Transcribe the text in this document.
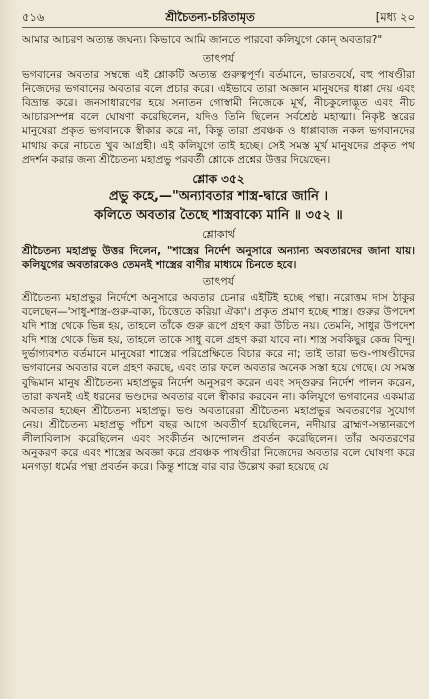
৫১৬	শ্রীচৈতন্য-চরিতামৃত	[মধ্য ২০

আমার আচরণ অত্যন্ত জঘন্য। কিভাবে আমি জানতে পারবো কলিযুগে কোন্ অবতার?"

তাৎপর্য

ভগবানের অবতার সম্বন্ধে এই শ্লোকটি অত্যন্ত গুরুত্বপূর্ণ। বর্তমানে, ভারতবর্ষে, বহু পাষণ্ডীরা নিজেদের ভগবানের অবতার বলে প্রচার করে। এইভাবে তারা অজ্ঞান মানুষদের ধাপ্পা দেয় এবং বিভ্রান্ত করে। জনসাধারণের হয়ে সনাতন গোস্বামী নিজেকে মূর্খ, নীচকুলোদ্ভূত এবং নীচ আচারসম্পন্ন বলে ঘোষণা করেছিলেন, যদিও তিনি ছিলেন সর্বশ্রেষ্ঠ মহাত্মা। নিকৃষ্ট স্তরের মানুষেরা প্রকৃত ভগবানকে স্বীকার করে না, কিন্তু তারা প্রবঞ্চক ও ধাপ্পাবাজ নকল ভগবানদের মাথায় করে নাচতে খুব আগ্রহী। এই কলিযুগে তাই হচ্ছে। সেই সমস্ত মূর্খ মানুষদের প্রকৃত পথ প্রদর্শন করার জন্য শ্রীচৈতন্য মহাপ্রভু পরবর্তী শ্লোকে প্রশ্নের উত্তর দিয়েছেন।

শ্লোক ৩৫২
প্রভু কহে,—"অন্যাবতার শাস্ত্র-দ্বারে জানি ।
কলিতে অবতার তৈছে শাস্ত্রবাক্যে মানি ॥ ৩৫২ ॥
শ্লোকার্থ

শ্রীচৈতন্য মহাপ্রভু উত্তর দিলেন, "শাস্ত্রের নির্দেশ অনুসারে অন্যান্য অবতারদের জানা যায়। কলিযুগের অবতারকেও তেমনই শাস্ত্রের বাণীর মাধ্যমে চিনতে হবে।

তাৎপর্য

শ্রীচৈতন্য মহাপ্রভুর নির্দেশে অনুসারে অবতার চেনার এইটিই হচ্ছে পন্থা। নরোত্তম দাস ঠাকুর বলেছেন—'সাধু-শাস্ত্র-গুরু-বাক্য, চিত্তেতে করিয়া ঐক্য'। প্রকৃত প্রমাণ হচ্ছে শাস্ত্র। গুরুর উপদেশ যদি শাস্ত্র থেকে ভিন্ন হয়, তাহলে তাঁকে গুরু রূপে গ্রহণ করা উচিত নয়। তেমনি, সাধুর উপদেশ যদি শাস্ত্র থেকে ভিন্ন হয়, তাহলে তাকে সাধু বলে গ্রহণ করা যাবে না। শাস্ত্র সবকিছুর কেন্দ্র বিন্দু। দুর্ভাগ্যবশত বর্তমানে মানুষেরা শাস্ত্রের পরিপ্রেক্ষিতে বিচার করে না; তাই তারা ভণ্ড-পাষণ্ডীদের ভগবানের অবতার বলে গ্রহণ করছে, এবং তার ফলে অবতার অনেক সস্তা হয়ে গেছে। যে সমস্ত বুদ্ধিমান মানুষ শ্রীচৈতন্য মহাপ্রভুর নির্দেশ অনুসরণ করেন এবং সদ্গুরুর নির্দেশ পালন করেন, তারা কখনই এই ধরনের ভণ্ডদের অবতার বলে স্বীকার করবেন না। কলিযুগে ভগবানের একমাত্র অবতার হচ্ছেন শ্রীচৈতন্য মহাপ্রভু। ভণ্ড অবতারেরা শ্রীচৈতন্য মহাপ্রভুর অবতরণের সুযোগ নেয়। শ্রীচৈতন্য মহাপ্রভু পাঁচশ বছর আগে অবতীর্ণ হয়েছিলেন, নদীয়ার ব্রাহ্মণ-সন্তানরূপে লীলাবিলাস করেছিলেন এবং সংকীর্তন আন্দোলন প্রবর্তন করেছিলেন। তাঁর অবতরণের অনুকরণ করে এবং শাস্ত্রের অবজ্ঞা করে প্রবঞ্চক পাষণ্ডীরা নিজেদের অবতার বলে ঘোষণা করে মনগড়া ধর্মের পন্থা প্রবর্তন করে। কিন্তু শাস্ত্রে বার বার উল্লেখ করা হয়েছে যে
